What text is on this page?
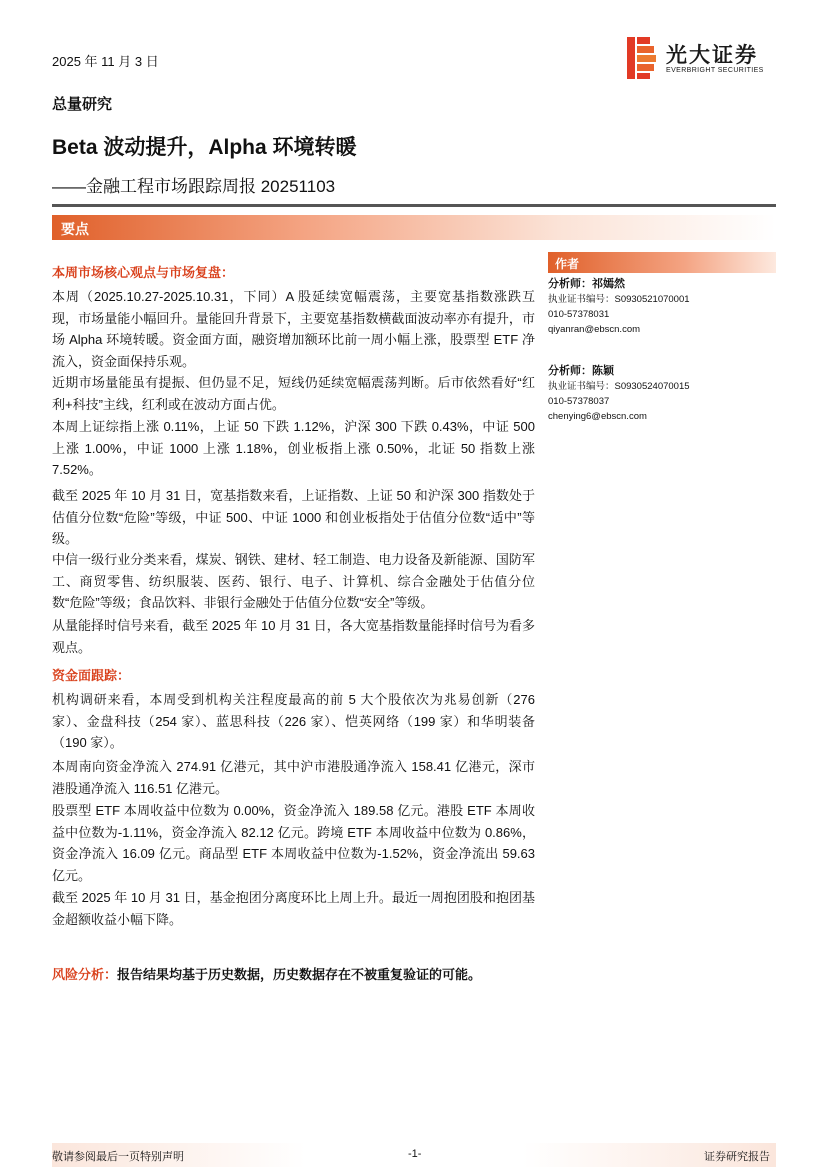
2025 年 11 月 3 日	光大证券
EVERBRIGHT SECURITIES
总量研究
Beta 波动提升，Alpha 环境转暖
——金融工程市场跟踪周报 20251103
要点
本周市场核心观点与市场复盘：
本周（2025.10.27-2025.10.31，下同）A 股延续宽幅震荡，主要宽基指数涨跌互现，市场量能小幅回升。量能回升背景下，主要宽基指数横截面波动率亦有提升，市场 Alpha 环境转暖。资金面方面，融资增加额环比前一周小幅上涨，股票型 ETF 净流入，资金面保持乐观。
近期市场量能虽有提振、但仍显不足，短线仍延续宽幅震荡判断。后市依然看好“红利+科技”主线，红利或在波动方面占优。
本周上证综指上涨 0.11%，上证 50 下跌 1.12%，沪深 300 下跌 0.43%，中证 500 上涨 1.00%，中证 1000 上涨 1.18%，创业板指上涨 0.50%，北证 50 指数上涨 7.52%。
截至 2025 年 10 月 31 日，宽基指数来看，上证指数、上证 50 和沪深 300 指数处于估值分位数“危险”等级，中证 500、中证 1000 和创业板指处于估值分位数“适中”等级。
中信一级行业分类来看，煤炭、钢铁、建材、轻工制造、电力设备及新能源、国防军工、商贸零售、纺织服装、医药、银行、电子、计算机、综合金融处于估值分位数“危险”等级；食品饮料、非银行金融处于估值分位数“安全”等级。
从量能择时信号来看，截至 2025 年 10 月 31 日，各大宽基指数量能择时信号为看多观点。
资金面跟踪：
机构调研来看，本周受到机构关注程度最高的前 5 大个股依次为兆易创新（276 家）、金盘科技（254 家）、蓝思科技（226 家）、恺英网络（199 家）和华明装备（190 家）。
本周南向资金净流入 274.91 亿港元，其中沪市港股通净流入 158.41 亿港元，深市港股通净流入 116.51 亿港元。
股票型 ETF 本周收益中位数为 0.00%，资金净流入 189.58 亿元。港股 ETF 本周收益中位数为-1.11%，资金净流入 82.12 亿元。跨境 ETF 本周收益中位数为 0.86%，资金净流入 16.09 亿元。商品型 ETF 本周收益中位数为-1.52%，资金净流出 59.63 亿元。
截至 2025 年 10 月 31 日，基金抱团分离度环比上周上升。最近一周抱团股和抱团基金超额收益小幅下降。
风险分析：报告结果均基于历史数据，历史数据存在不被重复验证的可能。
作者
分析师：祁嫣然
执业证书编号：S0930521070001
010-57378031
qiyanran@ebscn.com
分析师：陈颖
执业证书编号：S0930524070015
010-57378037
chenying6@ebscn.com
敬请参阅最后一页特别声明	-1-	证券研究报告
